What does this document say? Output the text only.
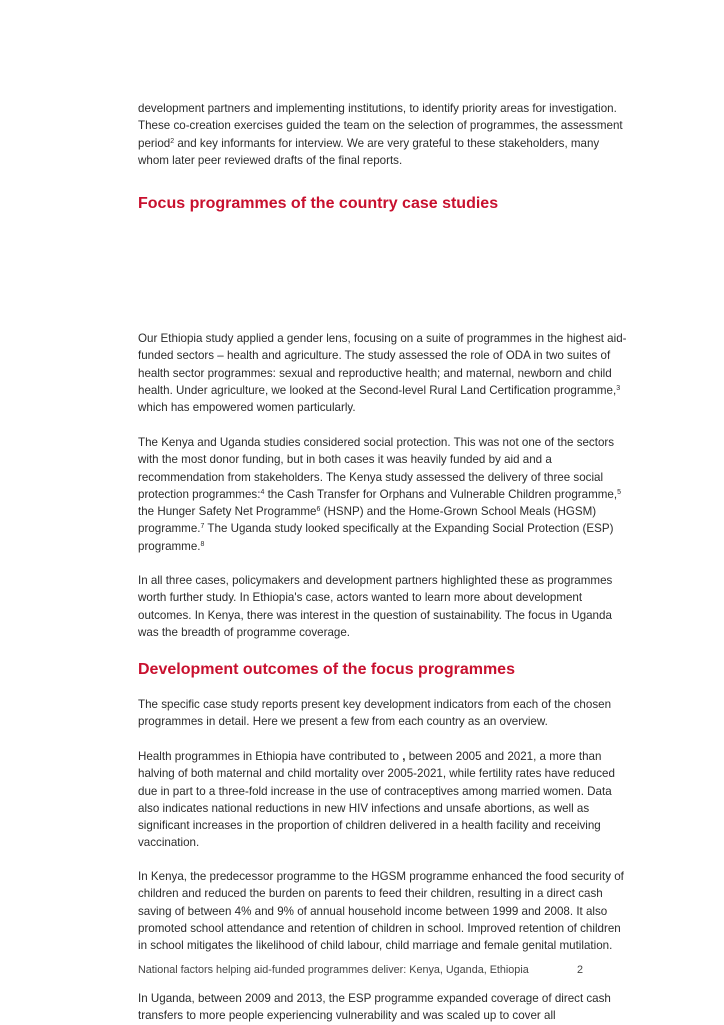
development partners and implementing institutions, to identify priority areas for investigation. These co-creation exercises guided the team on the selection of programmes, the assessment period$^2$ and key informants for interview. We are very grateful to these stakeholders, many whom later peer reviewed drafts of the final reports.

Focus programmes of the country case studies

Our Ethiopia study applied a gender lens, focusing on a suite of programmes in the highest aid-funded sectors – health and agriculture. The study assessed the role of ODA in two suites of health sector programmes: sexual and reproductive health; and maternal, newborn and child health. Under agriculture, we looked at the Second-level Rural Land Certification programme,$^3$ which has empowered women particularly.

The Kenya and Uganda studies considered social protection. This was not one of the sectors with the most donor funding, but in both cases it was heavily funded by aid and a recommendation from stakeholders. The Kenya study assessed the delivery of three social protection programmes:$^4$ the Cash Transfer for Orphans and Vulnerable Children programme,$^5$ the Hunger Safety Net Programme$^6$ (HSNP) and the Home-Grown School Meals (HGSM) programme.$^7$ The Uganda study looked specifically at the Expanding Social Protection (ESP) programme.$^8$

In all three cases, policymakers and development partners highlighted these as programmes worth further study. In Ethiopia's case, actors wanted to learn more about development outcomes. In Kenya, there was interest in the question of sustainability. The focus in Uganda was the breadth of programme coverage.

Development outcomes of the focus programmes

The specific case study reports present key development indicators from each of the chosen programmes in detail. Here we present a few from each country as an overview.

Health programmes in Ethiopia have contributed to , between 2005 and 2021, a more than halving of both maternal and child mortality over 2005-2021, while fertility rates have reduced due in part to a three-fold increase in the use of contraceptives among married women. Data also indicates national reductions in new HIV infections and unsafe abortions, as well as significant increases in the proportion of children delivered in a health facility and receiving vaccination.

In Kenya, the predecessor programme to the HGSM programme enhanced the food security of children and reduced the burden on parents to feed their children, resulting in a direct cash saving of between 4% and 9% of annual household income between 1999 and 2008. It also promoted school attendance and retention of children in school. Improved retention of children in school mitigates the likelihood of child labour, child marriage and female genital mutilation.

In Uganda, between 2009 and 2013, the ESP programme expanded coverage of direct cash transfers to more people experiencing vulnerability and was scaled up to cover all

National factors helping aid-funded programmes deliver: Kenya, Uganda, Ethiopia	2
